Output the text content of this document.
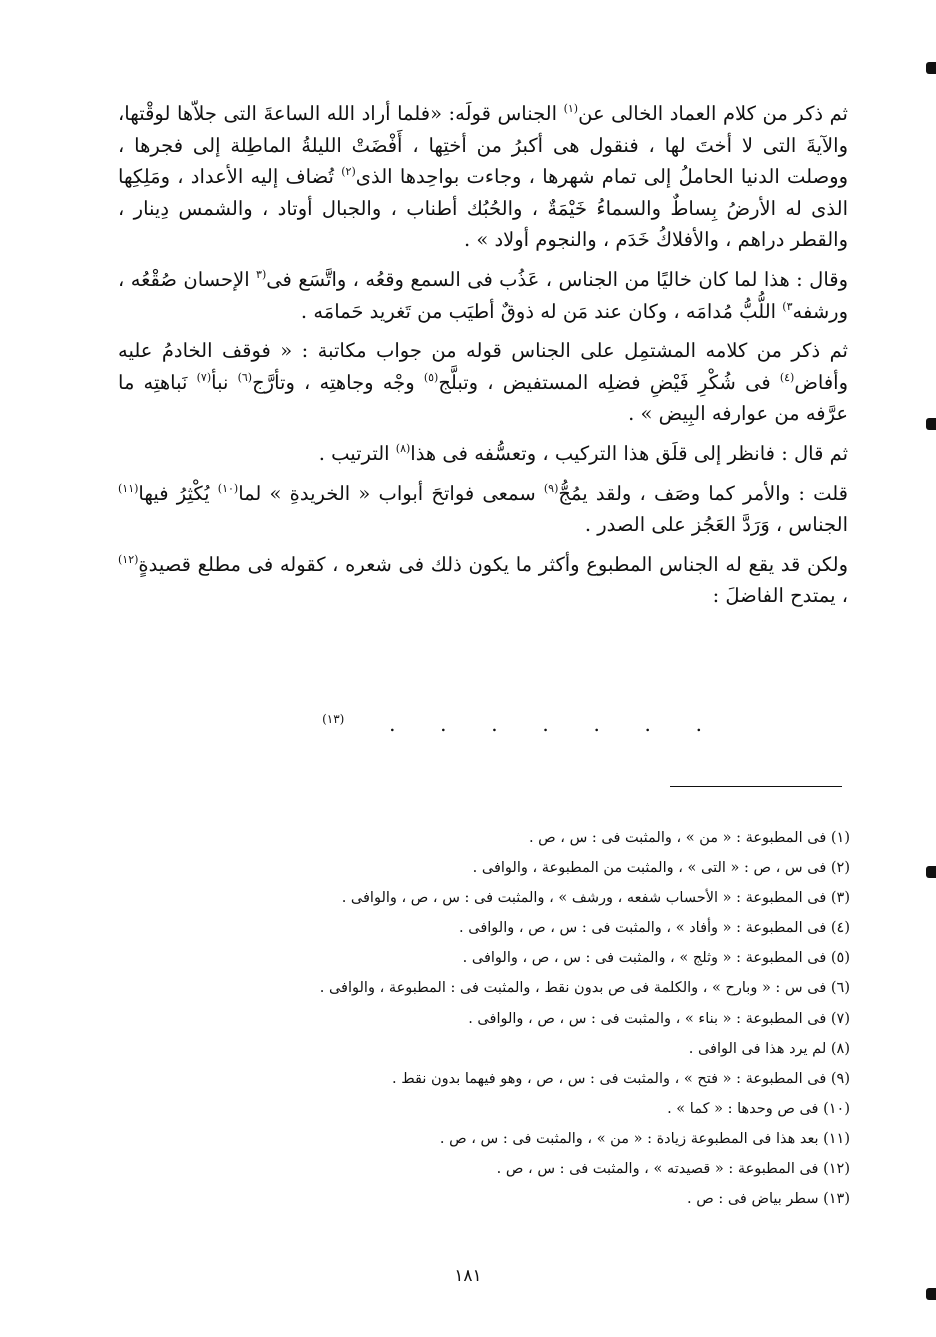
ثم ذكر من كلام العماد الخالى عن$^{(١)}$ الجناس قولَه: «فلما أراد الله الساعةَ التى جلاّها لوقْتها، والآيةَ التى لا أختَ لها ، فنقول هى أكبرُ من أختِها ، أَفْضَتْ الليلةُ الماطِلة إلى فجرها ، ووصلت الدنيا الحاملُ إلى تمام شهرها ، وجاءت بواحِدها الذى$^{(٢)}$ تُضاف إليه الأعداد ، ومَلِكِها الذى له الأرضُ بِساطٌ والسماءُ خَيْمَةٌ ، والحُبُك أطناب ، والجبال أوتاد ، والشمس دِينار ، والقطر دراهم ، والأفلاكُ خَدَم ، والنجوم أولاد » .

وقال : هذا لما كان خاليًا من الجناس ، عَذُب فى السمع وقعُه ، واتَّسَع فى$^{(٣}$ الإحسان صُقْعُه ، ورشفه$^{٣)}$ اللُّبُّ مُدامَه ، وكان عند مَن له ذوقٌ أطيَب من تَغريد حَمامَه .

ثم ذكر من كلامه المشتمِل على الجناس قوله من جواب مكاتبة : « فوقف الخادمُ عليه وأفاض$^{(٤)}$ فى شُكْرِ فَيْضِ فضلِه المستفيض ، وتبلَّج$^{(٥)}$ وجْه وجاهتِه ، وتأرَّج$^{(٦)}$ نبأ$^{(٧)}$ نَباهتِه ما عرَّفه من عوارفه البِيض » .

ثم قال : فانظر إلى قلَق هذا التركيب ، وتعسُّفه فى هذا$^{(٨)}$ الترتيب .

قلت : والأمر كما وصَف ، ولقد يمُجُّ$^{(٩)}$ سمعى فواتحَ أبواب « الخريدةِ » لما$^{(١٠)}$ يُكْثِرُ فيها$^{(١١)}$ الجناس ، وَرَدَّ العَجُز على الصدر .

ولكن قد يقع له الجناس المطبوع وأكثر ما يكون ذلك فى شعره ، كقوله فى مطلع قصيدةٍ$^{(١٢)}$ ، يمتدح الفاضلَ :

.
.
.
.
.
.
.
(١٣)
(١) فى المطبوعة : « من » ، والمثبت فى : س ، ص .
(٢) فى س ، ص : « التى » ، والمثبت من المطبوعة ، والوافى .
(٣) فى المطبوعة : « الأحساب شفعه ، ورشف » ، والمثبت فى : س ، ص ، والوافى .
(٤) فى المطبوعة : « وأفاد » ، والمثبت فى : س ، ص ، والوافى .
(٥) فى المطبوعة : « وثلج » ، والمثبت فى : س ، ص ، والوافى .
(٦) فى س : « وبارح » ، والكلمة فى ص بدون نقط ، والمثبت فى : المطبوعة ، والوافى .
(٧) فى المطبوعة : « بناء » ، والمثبت فى : س ، ص ، والوافى .
(٨) لم يرد هذا فى الوافى .
(٩) فى المطبوعة : « فتح » ، والمثبت فى : س ، ص ، وهو فيهما بدون نقط .
(١٠) فى ص وحدها : « كما » .
(١١) بعد هذا فى المطبوعة زيادة : « من » ، والمثبت فى : س ، ص .
(١٢) فى المطبوعة : « قصيدته » ، والمثبت فى : س ، ص .
(١٣) سطر بياض فى : ص .
١٨١
